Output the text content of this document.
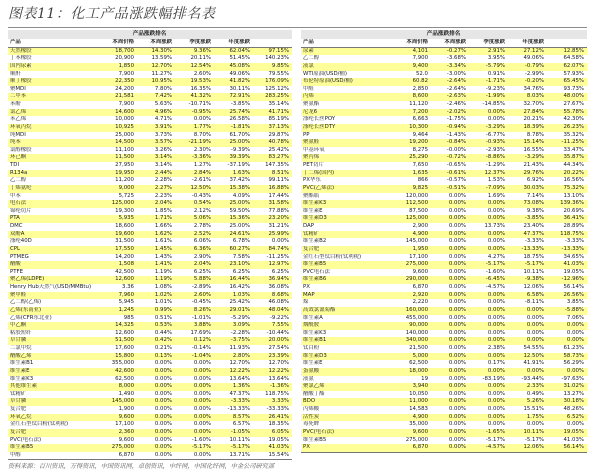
图表11：化工产品涨跌幅排名表
产品涨跌排名					
产品	本周价格	本周涨跌	季度涨跌	年度涨跌	
天然橡胶	18,700	14.30%	9.36%	62.04%	97.15%
丁苯橡胶	20,900	13.59%	20.11%	51.45%	140.23%
国内尿素	1,850	12.70%	12.54%	45.08%	9.85%
顺酐	7,900	11.27%	2.60%	49.06%	79.55%
顺丁橡胶	22,350	10.95%	19.53%	41.82%	176.09%
聚MDI	24,200	7.80%	16.35%	30.11%	125.12%
二甲苯	21,581	7.42%	41.32%	72.91%	283.25%
苯酚	7,900	5.63%	-10.71%	-3.85%	35.14%
氯乙烯	14,600	4.96%	-0.95%	25.74%	41.71%
苯乙烯	10,000	4.71%	0.00%	26.58%	85.19%
环氧丙烷	10,925	3.91%	1.77%	-1.81%	37.13%
纯MDI	25,000	3.73%	8.70%	61.70%	29.87%
纯苯	14,500	3.57%	-21.19%	25.00%	40.78%
氯醇橡胶	11,100	3.26%	2.30%	-9.39%	25.42%
环己酮	11,500	3.14%	-3.36%	39.39%	83.27%
TDI	27,950	3.14%	1.27%	-37.19%	147.35%
R134a	19,950	2.44%	2.84%	1.63%	8.51%
乙二醇	11,200	2.28%	-2.61%	37.42%	99.11%
丁烯氨纶	9,000	2.27%	12.50%	15.38%	16.88%
甲苯	5,725	2.23%	-0.43%	4.09%	17.44%
电石法	125,000	2.04%	0.54%	25.00%	31.58%
锦纶切片	19,300	1.85%	2.12%	59.50%	77.88%
PTA	5,935	1.71%	5.06%	15.36%	23.20%
DMC	18,600	1.66%	2.78%	25.00%	31.21%
双酚A	19,600	1.62%	2.52%	24.61%	25.99%
涤纶40D	31,500	1.61%	6.06%	6.78%	0.00%
CPL	17,550	1.45%	6.36%	60.27%	84.74%
PTMEG	14,200	1.43%	2.90%	7.58%	-11.25%
醋酸	1,508	1.41%	2.04%	23.10%	12.97%
PTFE	42,500	1.19%	6.25%	6.25%	6.25%
聚乙烯(LDPE)	12,600	1.19%	5.88%	16.44%	36.94%
Henry Hub天然气(USD/MMBtu)	3.36	1.08%	-2.89%	16.42%	36.08%
聚甲醛	7,960	1.02%	2.60%	1.03%	8.68%
乙二醇(乙烯)	5,945	1.01%	-0.45%	25.42%	46.08%
乙烯(东南亚)	1,245	0.99%	8.26%	29.01%	48.04%
乙烯(CFR东北亚)	985	0.51%	-1.01%	-5.29%	-9.22%
甲乙酮	14,325	0.53%	3.88%	3.09%	7.55%
粘胶短纤	12,600	0.44%	17.69%	-2.28%	-10.44%
草甘膦	51,500	0.42%	0.12%	-3.75%	20.00%
二氯甲烷	17,600	0.21%	-0.14%	11.93%	27.54%
醋酸乙烯	15,800	0.13%	-1.04%	2.80%	23.39%
维生素B1	355,000	0.00%	0.00%	12.70%	12.70%
维生素E	42,600	0.00%	0.00%	12.22%	12.22%
维生素K3	62,500	0.00%	0.00%	13.64%	13.64%
其他维生素	8,000	0.00%	0.00%	1.36%	-1.36%
钛精矿	1,490	0.00%	0.00%	47.37%	118.75%
草甘膦	145,000	0.00%	0.00%	-3.33%	3.33%
复合肥	1,900	0.00%	0.00%	-13.33%	-33.33%
环氧乙烷	9,600	0.00%	0.00%	8.57%	26.41%
金红石型钛白粉(钛利税)	17,100	0.00%	0.00%	6.57%	18.35%
复合肥	2,360	0.00%	0.00%	-1.05%	6.05%
PVC(电石法)	9,600	0.00%	-1.60%	10.11%	19.05%
维生素B5	275,000	0.00%	-5.17%	-5.17%	41.03%
甲醇	6,870	0.00%	0.00%	13.71%	15.54%
产品涨跌排名					
产品	本周价格	本周涨跌	季度涨跌	年度涨跌	
尿素	4,101	-0.27%	2.91%	27.12%	12.85%
乙二醇	7,900	-3.68%	3.95%	49.06%	64.58%
液氯	9,400	-3.34%	-5.79%	-0.79%	62.07%
WTI原油(USD/桶)	52.0	-3.00%	0.91%	-2.99%	57.93%
布伦特原油(USD/桶)	60.82	-2.64%	-1.71%	-0.20%	65.45%
甲醛	2,850	-2.64%	-9.23%	34.76%	93.73%
丙烯	8,600	-2.63%	-1.99%	8.03%	48.00%
聚氨酯	11,120	-2.46%	-14.85%	32.70%	27.67%
尼龙6	7,200	-2.02%	0.00%	27.84%	55.78%
涤纶长丝POY	6,663	-1.75%	0.00%	20.21%	42.30%
涤纶长丝DTY	10,300	-0.94%	-3.29%	18.39%	26.23%
PP	9,464	-1.43%	-6.77%	8.78%	35.32%
聚氨醛	19,200	-0.84%	-0.93%	15.14%	-11.25%
甲基环氧	8,275	-0.00%	-2.93%	16.55%	33.47%
聚丙烯	25,290	-0.72%	-8.86%	-3.29%	35.87%
PET切片	7,650	-0.65%	-1.29%	21.43%	44.34%
丁二烯(国内)	1,635	-0.61%	12.37%	29.76%	20.22%
PX华东	866	-0.57%	1.53%	6.92%	16.56%
PVC(乙烯法)	9,825	-0.51%	-7.09%	30.03%	75.32%
聚酯瓶	120,000	0.00%	1.69%	7.14%	13.10%
维生素K3	112,500	0.00%	0.00%	73.08%	139.36%
维生素E	87,500	0.00%	0.00%	9.38%	20.69%
维生素D3	125,000	0.00%	0.00%	-3.85%	36.41%
DAP	2,900	0.00%	13.73%	23.40%	28.89%
钛精矿	4,900	0.00%	0.00%	47.37%	118.75%
维生素B2	145,000	0.00%	0.00%	-3.33%	-3.33%
复合肥	1,950	0.00%	0.00%	-13.33%	-13.33%
金红石型钛白粉(钛利税)	17,100	0.00%	4.27%	18.75%	34.65%
维生素B5	275,000	0.00%	-5.17%	-5.17%	41.03%
PVC电石法	9,600	0.00%	-1.60%	10.11%	19.05%
维生素B6	290,000	0.00%	-6.45%	-9.38%	-12.96%
PX	6,870	0.00%	-4.57%	12.06%	56.14%
MAP	2,920	0.00%	0.00%	6.58%	26.56%
煤	2,220	0.00%	0.00%	-8.11%	3.85%
高效氯氰菊酯	160,000	0.00%	0.00%	0.00%	-5.88%
维生素A	455,000	0.00%	0.00%	0.00%	7.06%
烟酰胺	90,000	0.00%	0.00%	0.00%	0.00%
维生素K3	140,000	0.00%	0.00%	0.00%	0.00%
维生素B1	340,000	0.00%	0.00%	0.00%	0.00%
钛白粉	21,500	0.00%	2.38%	54.55%	61.23%
维生素D3	5,000	0.00%	0.00%	12.50%	58.73%
维生素E	62,500	0.00%	0.17%	41.91%	56.29%
蛋氨酸	18,000	0.00%	0.00%	0.00%	0.00%
液氨	19	0.00%	-83.19%	-93.44%	-97.63%
聚氯乙烯	3,940	0.00%	0.00%	2.33%	31.02%
醋酸丁酯	10,050	0.00%	0.00%	0.49%	13.27%
BDO	11,000	0.00%	0.00%	5.26%	30.18%
丙烯酸	14,583	0.00%	0.00%	15.51%	48.26%
活性炭	4,900	0.00%	0.00%	1.75%	6.52%
毒死蜱	35,000	0.00%	0.00%	0.00%	0.00%
PVC(电石法)	9,600	0.00%	-1.65%	10.11%	19.05%
维生素B5	275,000	0.00%	-5.17%	-5.17%	41.03%
PX	6,870	0.00%	-4.57%	12.06%	56.14%
资料来源：百川资讯，万得资讯，中国资讯网，卓创资讯，中纤网，中国化纤网，中金公司研究部
